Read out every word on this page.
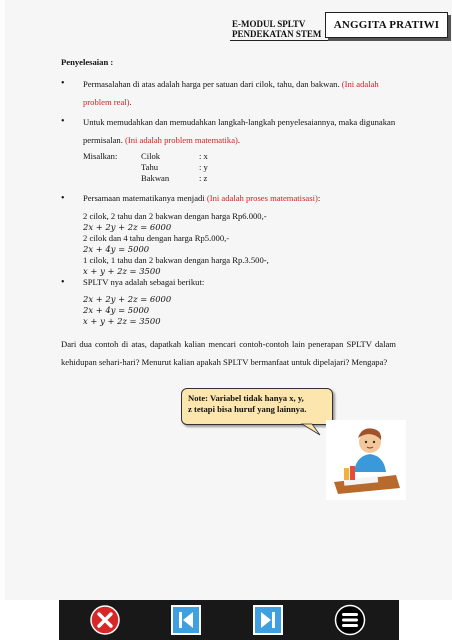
E-MODUL SPLTV
PENDEKATAN STEM
ANGGITA PRATIWI
Penyelesaian :
• Permasalahan di atas adalah harga per satuan dari cilok, tahu, dan bakwan. (Ini adalah problem real).
• Untuk memudahkan dan memudahkan langkah-langkah penyelesaiannya, maka digunakan permisalan. (Ini adalah problem matematika).
Misalkan:	Cilok	: x
Tahu	: y
Bakwan	: z
• Persamaan matematikanya menjadi (Ini adalah proses matematisasi):
2 cilok, 2 tahu dan 2 bakwan dengan harga Rp6.000,-
2x + 2y + 2z = 6000
2 cilok dan 4 tahu dengan harga Rp5.000,-
2x + 4y = 5000
1 cilok, 1 tahu dan 2 bakwan dengan harga Rp.3.500-,
x + y + 2z = 3500
• SPLTV nya adalah sebagai berikut:
2x + 2y + 2z = 6000
2x + 4y = 5000
x + y + 2z = 3500
Dari dua contoh di atas, dapatkah kalian mencari contoh-contoh lain penerapan SPLTV dalam kehidupan sehari-hari? Menurut kalian apakah SPLTV bermanfaat untuk dipelajari? Mengapa?
Note: Variabel tidak hanya x, y,
z tetapi bisa huruf yang lainnya.
